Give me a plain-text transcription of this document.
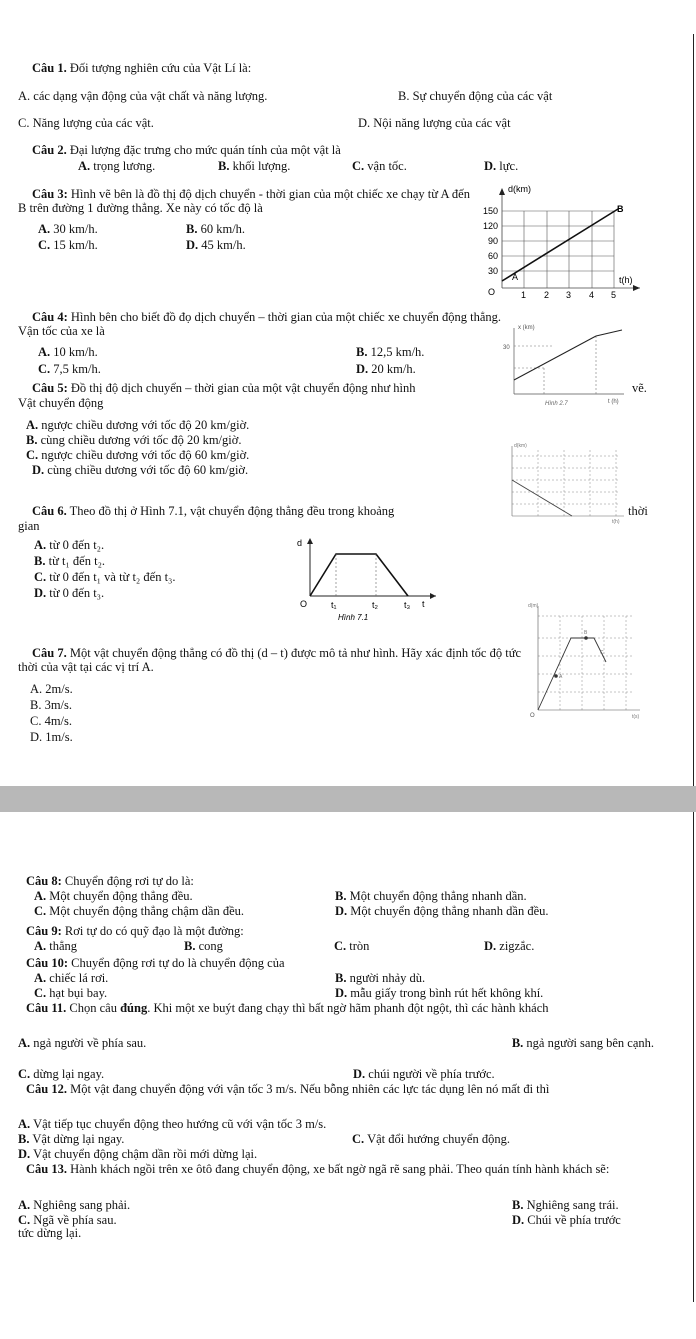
Câu 1. Đối tượng nghiên cứu của Vật Lí là:
A. các dạng vận động của vật chất và năng lượng.	B. Sự chuyển động của các vật
C. Năng lượng của các vật.	D. Nội năng lượng của các vật
Câu 2. Đại lượng đặc trưng cho mức quán tính của một vật là
A. trọng lương.	B. khối lượng.	C. vận tốc.	D. lực.
Câu 3: Hình vẽ bên là đồ thị độ dịch chuyển - thời gian của một chiếc xe chạy từ A đến B trên đường 1 đường thẳng. Xe này có tốc độ là
A. 30 km/h.	B. 60 km/h.
C. 15 km/h.	D. 45 km/h.
d(km)
t(h)
150
120
90
60
30
O	1 2 3 4 5
A
B
Câu 4: Hình bên cho biết đồ đọ dịch chuyển – thời gian của một chiếc xe chuyển động thẳng. Vận tốc của xe là
A. 10 km/h.	B. 12,5 km/h.
C. 7,5 km/h.	D. 20 km/h.
x (km)
30
Hình 2.7	t (h)
Câu 5: Đồ thị độ dịch chuyển – thời gian của một vật chuyển động như hình	vẽ.
Vật chuyển động
A. ngược chiều dương với tốc độ 20 km/giờ.
B. cùng chiều dương với tốc độ 20 km/giờ.
C. ngược chiều dương với tốc độ 60 km/giờ.
D. cùng chiều dương với tốc độ 60 km/giờ.
d(km)
t(h)
Câu 6. Theo đồ thị ở Hình 7.1, vật chuyển động thẳng đều trong khoảng	thời
gian
A. từ 0 đến t₂.
B. từ t₁ đến t₂.
C. từ 0 đến t₁ và từ t₂ đến t₃.
D. từ 0 đến t₃.
d
O	t₁	t₂	t₃ t
Hình 7.1
Câu 7. Một vật chuyển động thẳng có đồ thị (d – t) được mô tả như hình. Hãy xác định tốc độ tức thời của vật tại các vị trí A.
A. 2m/s.
B. 3m/s.
C. 4m/s.
D. 1m/s.
d(m)
A
B
C
O	t(s)
Câu 8: Chuyển động rơi tự do là:
A. Một chuyển động thẳng đều.	B. Một chuyển động thẳng nhanh dần.
C. Một chuyển động thẳng chậm dần đều.	D. Một chuyển động thẳng nhanh dần đều.
Câu 9: Rơi tự do có quỹ đạo là một đường:
A. thẳng	B. cong	C. tròn	D. zigzắc.
Câu 10: Chuyển động rơi tự do là chuyển động của
A. chiếc lá rơi.	B. người nhảy dù.
C. hạt bụi bay.	D. mẫu giấy trong bình rút hết không khí.
Câu 11. Chọn câu đúng. Khi một xe buýt đang chạy thì bất ngờ hãm phanh đột ngột, thì các hành khách
A. ngả người về phía sau.	B. ngả người sang bên cạnh.
C. dừng lại ngay.	D. chúi người về phía trước.
Câu 12. Một vật đang chuyển động với vận tốc 3 m/s. Nếu bỗng nhiên các lực tác dụng lên nó mất đi thì
A. Vật tiếp tục chuyển động theo hướng cũ với vận tốc 3 m/s.
B. Vật dừng lại ngay.	C. Vật đổi hướng chuyển động.
D. Vật chuyển động chậm dần rồi mới dừng lại.
Câu 13. Hành khách ngồi trên xe ôtô đang chuyển động, xe bất ngờ ngã rẽ sang phải. Theo quán tính hành khách sẽ:
A. Nghiêng sang phải.	B. Nghiêng sang trái.
C. Ngã về phía sau.	D. Chúi về phía trước
tức dừng lại.
